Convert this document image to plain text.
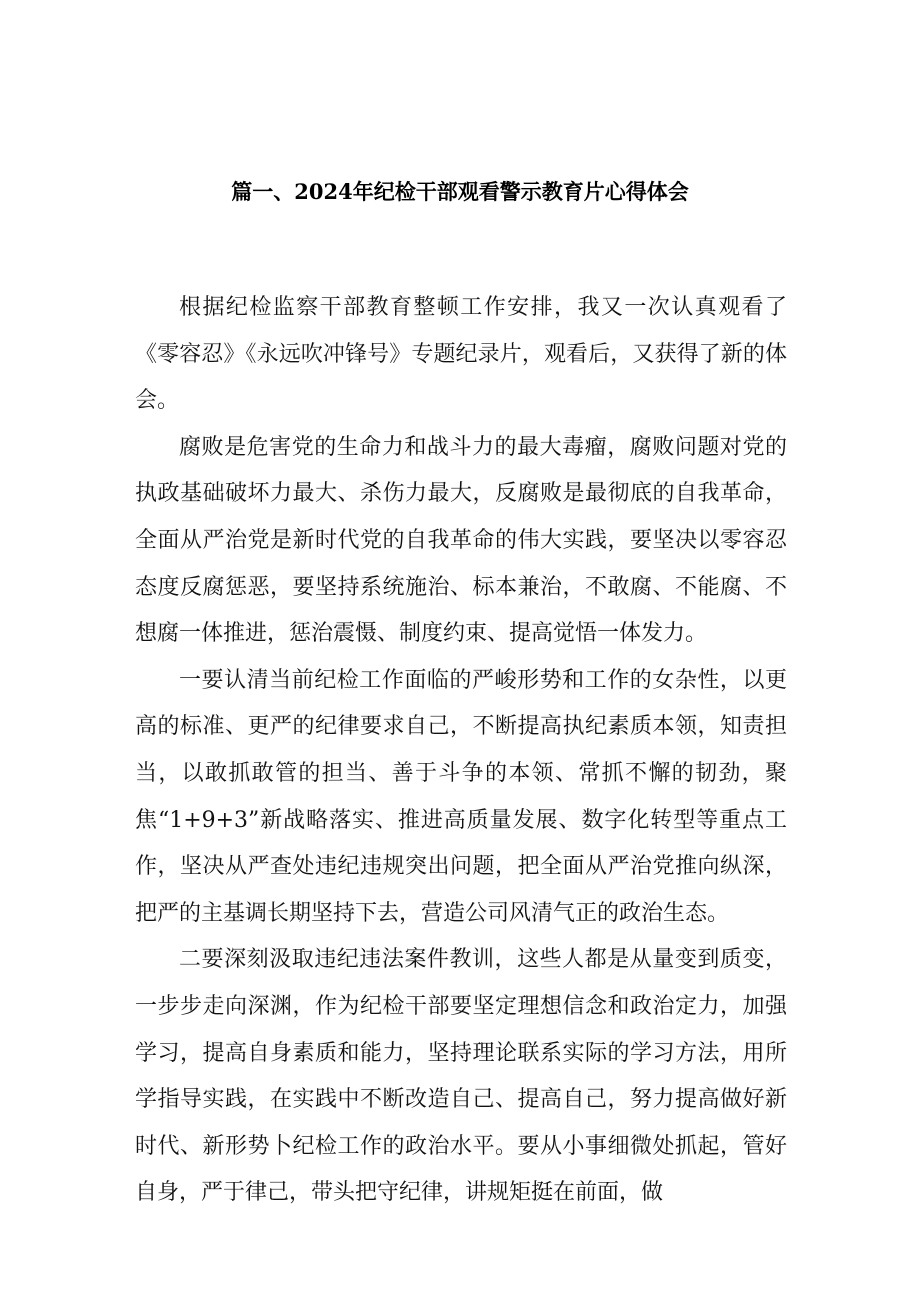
篇一、2024年纪检干部观看警示教育片心得体会

根据纪检监察干部教育整顿工作安排，我又一次认真观看了《零容忍》《永远吹冲锋号》专题纪录片，观看后，又获得了新的体会。

腐败是危害党的生命力和战斗力的最大毒瘤，腐败问题对党的执政基础破坏力最大、杀伤力最大，反腐败是最彻底的自我革命，全面从严治党是新时代党的自我革命的伟大实践，要坚决以零容忍态度反腐惩恶，要坚持系统施治、标本兼治，不敢腐、不能腐、不想腐一体推进，惩治震慑、制度约束、提高觉悟一体发力。

一要认清当前纪检工作面临的严峻形势和工作的女杂性，以更高的标准、更严的纪律要求自己，不断提高执纪素质本领，知责担当，以敢抓敢管的担当、善于斗争的本领、常抓不懈的韧劲，聚焦“1+9+3”新战略落实、推进高质量发展、数字化转型等重点工作，坚决从严查处违纪违规突出问题，把全面从严治党推向纵深，把严的主基调长期坚持下去，营造公司风清气正的政治生态。

二要深刻汲取违纪违法案件教训，这些人都是从量变到质变，一步步走向深渊，作为纪检干部要坚定理想信念和政治定力，加强学习，提高自身素质和能力，坚持理论联系实际的学习方法，用所学指导实践，在实践中不断改造自己、提高自己，努力提高做好新时代、新形势卜纪检工作的政治水平。要从小事细微处抓起，管好自身，严于律己，带头把守纪律，讲规矩挺在前面，做
